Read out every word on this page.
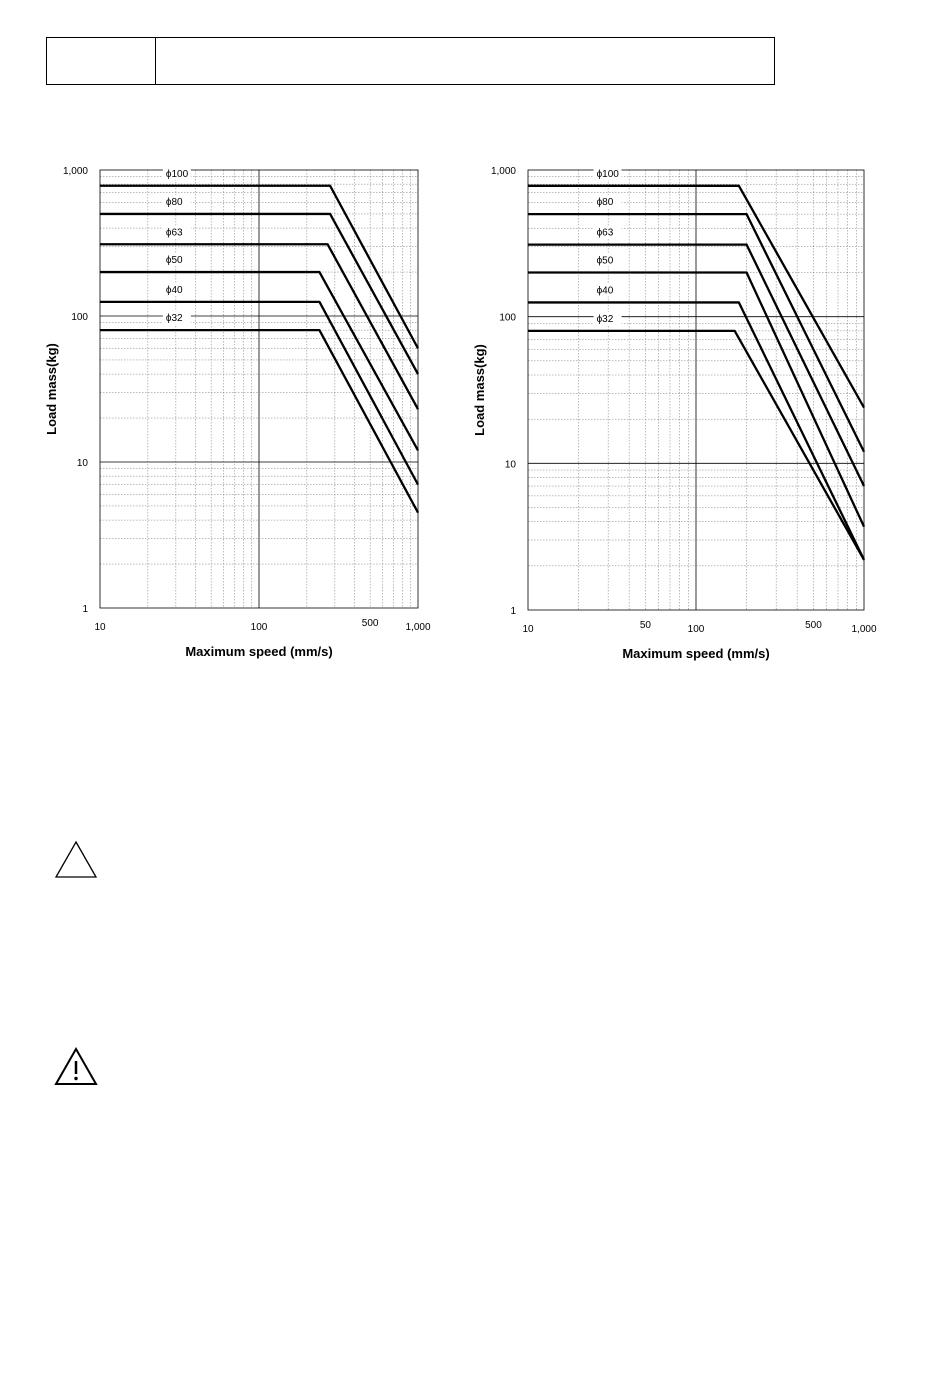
10	100	500	1,000
1
10
100
1,000
Maximum speed (mm/s)
Load mass(kg)
ϕ100
ϕ80
ϕ63
ϕ50
ϕ40
ϕ32
10	50	100	500	1,000
1
10
100
1,000
Maximum speed (mm/s)
Load mass(kg)
ϕ100
ϕ80
ϕ63
ϕ50
ϕ40
ϕ32
